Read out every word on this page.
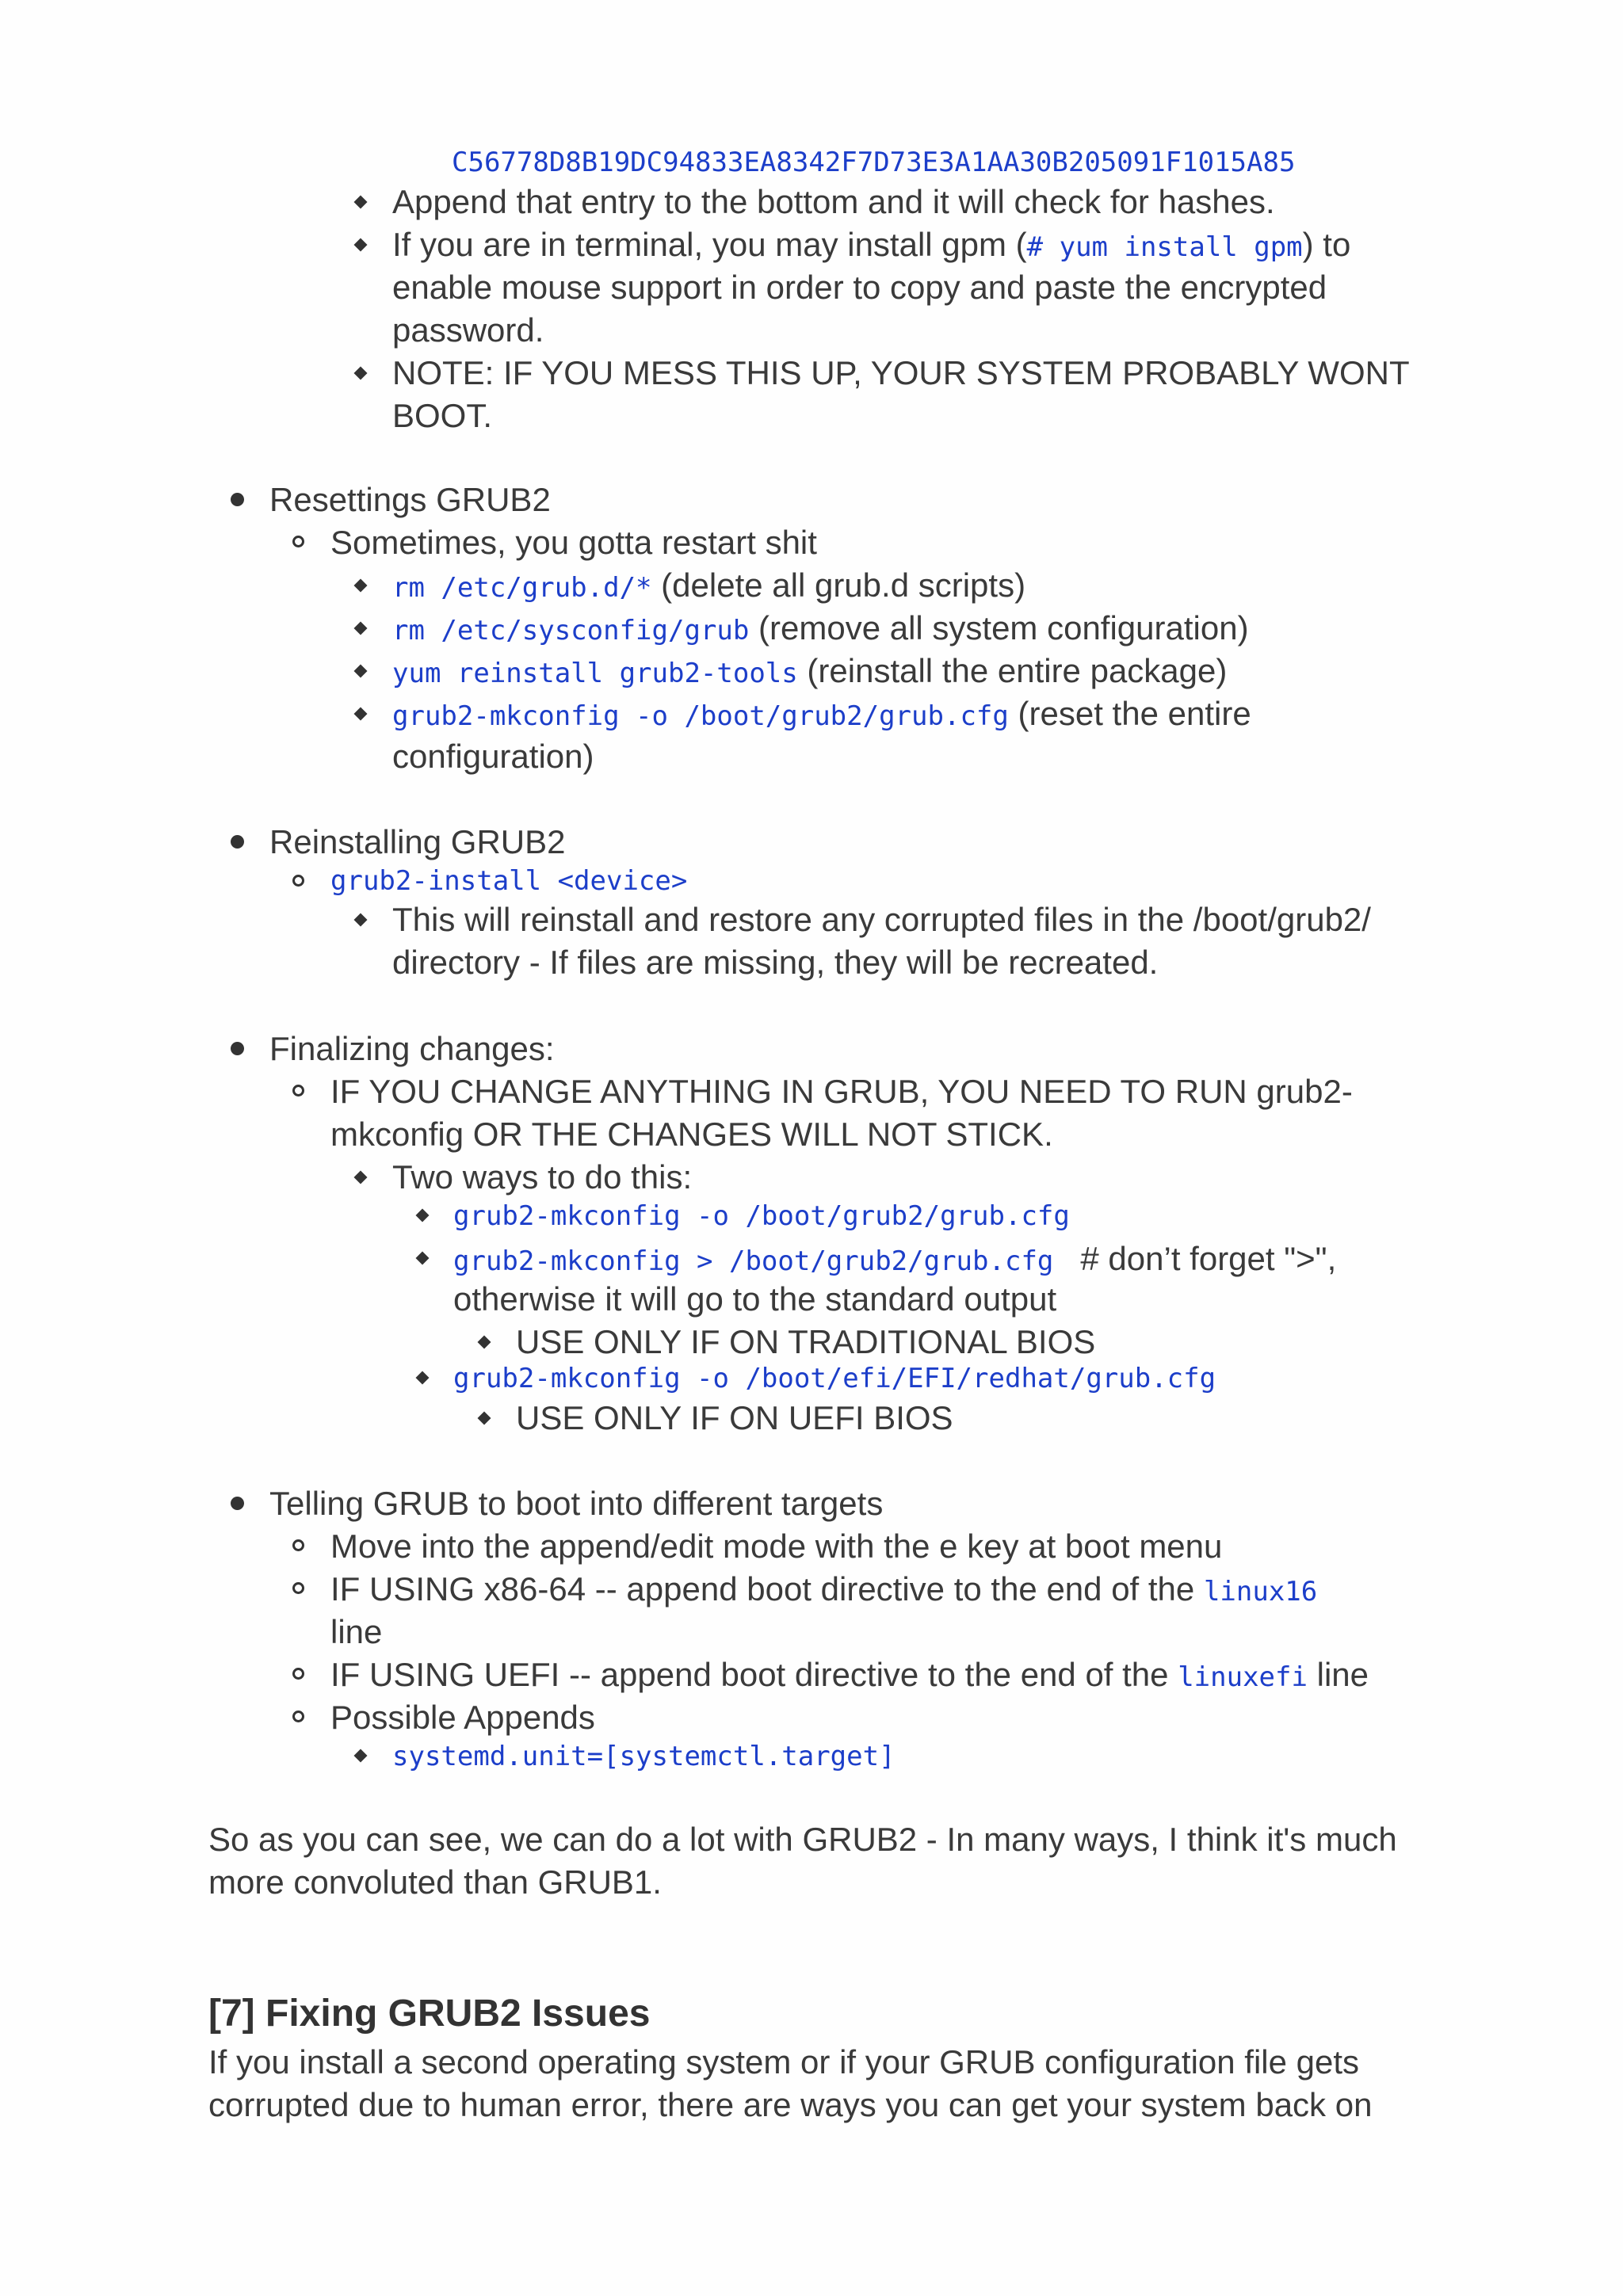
C56778D8B19DC94833EA8342F7D73E3A1AA30B205091F1015A85
Append that entry to the bottom and it will check for hashes.
If you are in terminal, you may install gpm (# yum install gpm) to
enable mouse support in order to copy and paste the encrypted
password.
NOTE: IF YOU MESS THIS UP, YOUR SYSTEM PROBABLY WONT
BOOT.
Resettings GRUB2
Sometimes, you gotta restart shit
rm /etc/grub.d/* (delete all grub.d scripts)
rm /etc/sysconfig/grub (remove all system configuration)
yum reinstall grub2-tools (reinstall the entire package)
grub2-mkconfig -o /boot/grub2/grub.cfg (reset the entire
configuration)
Reinstalling GRUB2
grub2-install <device>
This will reinstall and restore any corrupted files in the /boot/grub2/
directory - If files are missing, they will be recreated.
Finalizing changes:
IF YOU CHANGE ANYTHING IN GRUB, YOU NEED TO RUN grub2-
mkconfig OR THE CHANGES WILL NOT STICK.
Two ways to do this:
grub2-mkconfig -o /boot/grub2/grub.cfg
grub2-mkconfig > /boot/grub2/grub.cfg # don’t forget ">",
otherwise it will go to the standard output
USE ONLY IF ON TRADITIONAL BIOS
grub2-mkconfig -o /boot/efi/EFI/redhat/grub.cfg
USE ONLY IF ON UEFI BIOS
Telling GRUB to boot into different targets
Move into the append/edit mode with the e key at boot menu
IF USING x86-64 -- append boot directive to the end of the linux16
line
IF USING UEFI -- append boot directive to the end of the linuxefi line
Possible Appends
systemd.unit=[systemctl.target]
So as you can see, we can do a lot with GRUB2 - In many ways, I think it's much
more convoluted than GRUB1.
[7] Fixing GRUB2 Issues
If you install a second operating system or if your GRUB configuration file gets
corrupted due to human error, there are ways you can get your system back on
